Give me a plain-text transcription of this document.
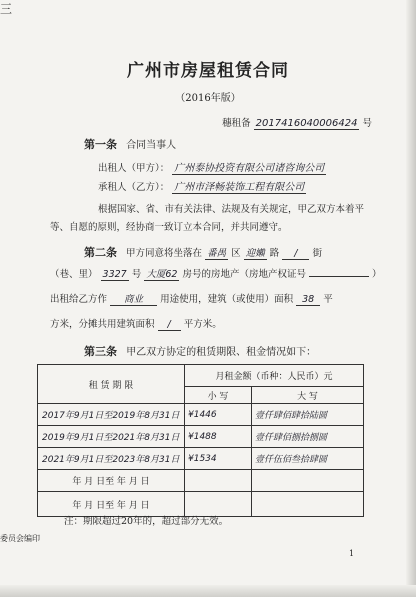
三
广州市房屋租赁合同
（2016年版）
穗租备 2017416040006424 号
第一条 合同当事人
出租人（甲方）： 广州泰协投资有限公司诸咨询公司
承租人（乙方）： 广州市泽畅装饰工程有限公司
根据国家、省、市有关法律、法规及有关规定，甲乙双方本着平等、自愿的原则，经协商一致订立本合同，并共同遵守。
第二条 甲方同意将坐落在 番禺 区 迎嬾 路 / 街
（巷、里） 3327 号 大厦62 房号的房地产（房地产权证号	）
出租给乙方作 商业 用途使用，建筑（或使用）面积 38 平
方米，分摊共用建筑面积 / 平方米。
第三条 甲乙双方协定的租赁期限、租金情况如下：
租 赁 期 限	月租金额（币种：人民币）元	
	小 写	大 写
2017年9月1日至2019年8月31日	¥1446	壹仟肆佰肆拾陆圆
2019年9月1日至2021年8月31日	¥1488	壹仟肆佰捌拾捌圆
2021年9月1日至2023年8月31日	¥1534	壹仟伍佰叁拾肆圆
年 月 日至 年 月 日		
年 月 日至 年 月 日		
注：期限超过20年的，超过部分无效。
委员会编印
1
